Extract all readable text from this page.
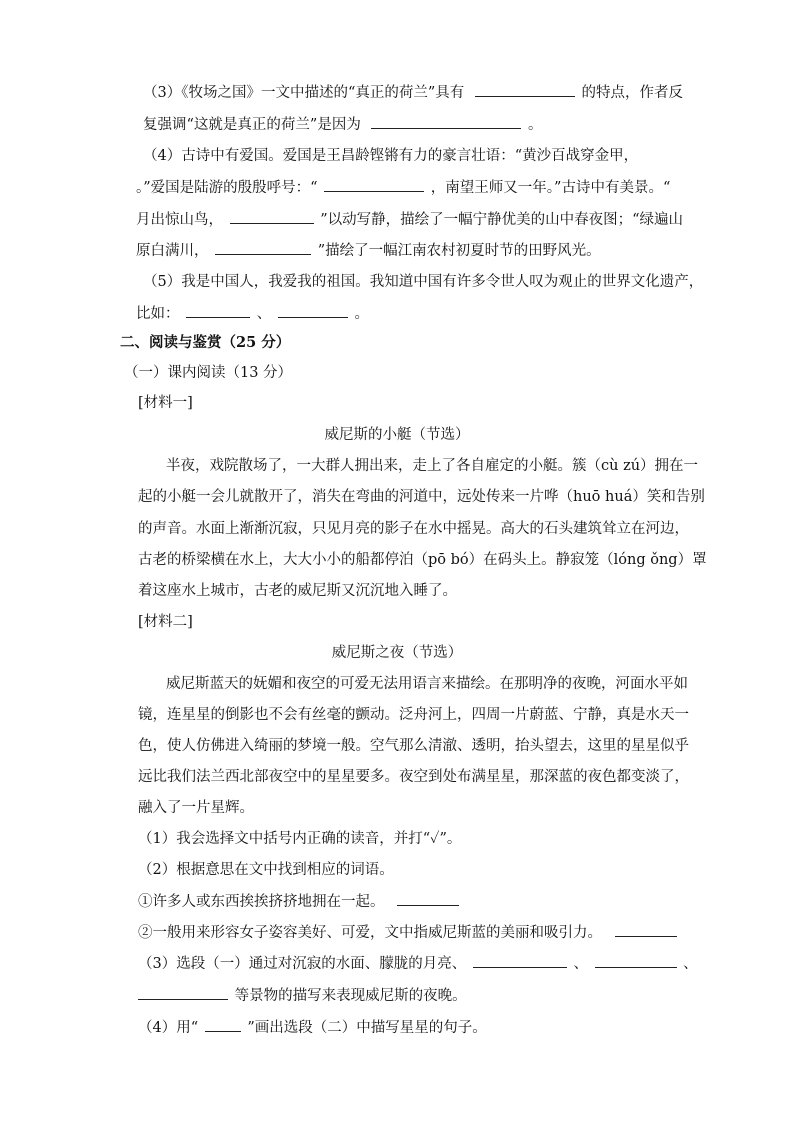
（3）《牧场之国》一文中描述的“真正的荷兰”具有	的特点，作者反
复强调“这就是真正的荷兰”是因为	。
（4）古诗中有爱国。爱国是王昌龄铿锵有力的豪言壮语：“黄沙百战穿金甲，
。”爱国是陆游的殷殷呼号：“	，南望王师又一年。”古诗中有美景。“
月出惊山鸟，	”以动写静，描绘了一幅宁静优美的山中春夜图；“绿遍山
原白满川，	”描绘了一幅江南农村初夏时节的田野风光。
（5）我是中国人，我爱我的祖国。我知道中国有许多令世人叹为观止的世界文化遗产，
比如：	、	。
二、阅读与鉴赏（25 分）
（一）课内阅读（13 分）
[材料一]
威尼斯的小艇（节选）
半夜，戏院散场了，一大群人拥出来，走上了各自雇定的小艇。簇（cù zú）拥在一
起的小艇一会儿就散开了，消失在弯曲的河道中，远处传来一片哗（huō huá）笑和告别
的声音。水面上渐渐沉寂，只见月亮的影子在水中摇晃。高大的石头建筑耸立在河边，
古老的桥梁横在水上，大大小小的船都停泊（pō bó）在码头上。静寂笼（lóng ǒng）罩
着这座水上城市，古老的威尼斯又沉沉地入睡了。
[材料二]
威尼斯之夜（节选）
威尼斯蓝天的妩媚和夜空的可爱无法用语言来描绘。在那明净的夜晚，河面水平如
镜，连星星的倒影也不会有丝毫的颤动。泛舟河上，四周一片蔚蓝、宁静，真是水天一
色，使人仿佛进入绮丽的梦境一般。空气那么清澈、透明，抬头望去，这里的星星似乎
远比我们法兰西北部夜空中的星星要多。夜空到处布满星星，那深蓝的夜色都变淡了，
融入了一片星辉。
（1）我会选择文中括号内正确的读音，并打“✓”。
（2）根据意思在文中找到相应的词语。
①许多人或东西挨挨挤挤地拥在一起。
②一般用来形容女子姿容美好、可爱，文中指威尼斯蓝的美丽和吸引力。
（3）选段（一）通过对沉寂的水面、朦胧的月亮、	、	、
等景物的描写来表现威尼斯的夜晚。
（4）用“	”画出选段（二）中描写星星的句子。
